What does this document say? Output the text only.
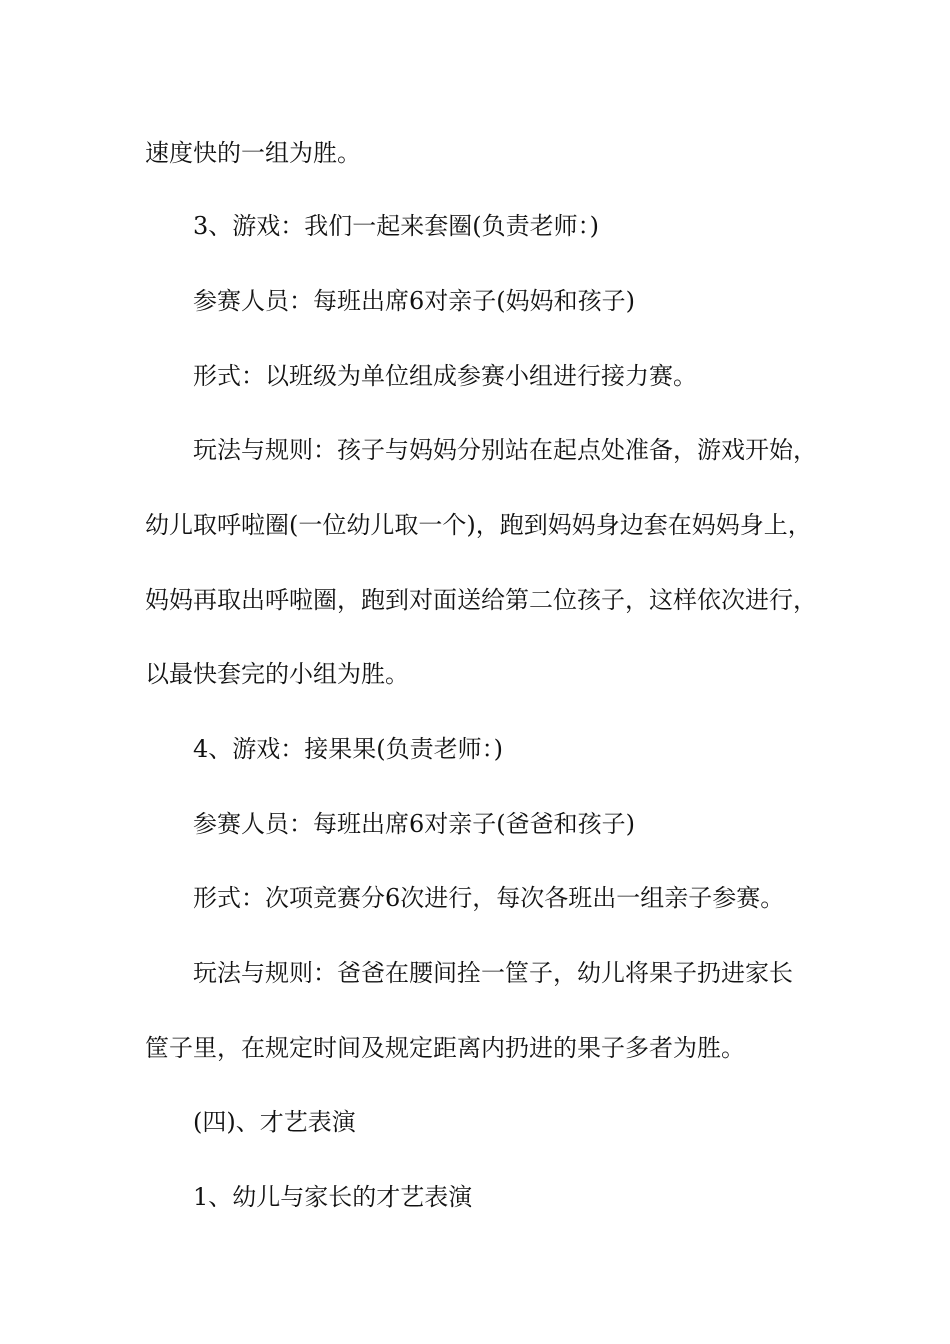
速度快的一组为胜。

3、游戏：我们一起来套圈(负责老师：)

参赛人员：每班出席6对亲子(妈妈和孩子)

形式：以班级为单位组成参赛小组进行接力赛。

玩法与规则：孩子与妈妈分别站在起点处准备，游戏开始，

幼儿取呼啦圈(一位幼儿取一个)，跑到妈妈身边套在妈妈身上，

妈妈再取出呼啦圈，跑到对面送给第二位孩子，这样依次进行，

以最快套完的小组为胜。

4、游戏：接果果(负责老师：)

参赛人员：每班出席6对亲子(爸爸和孩子)

形式：次项竞赛分6次进行，每次各班出一组亲子参赛。

玩法与规则：爸爸在腰间拴一筐子，幼儿将果子扔进家长

筐子里，在规定时间及规定距离内扔进的果子多者为胜。

(四)、才艺表演

1、幼儿与家长的才艺表演
